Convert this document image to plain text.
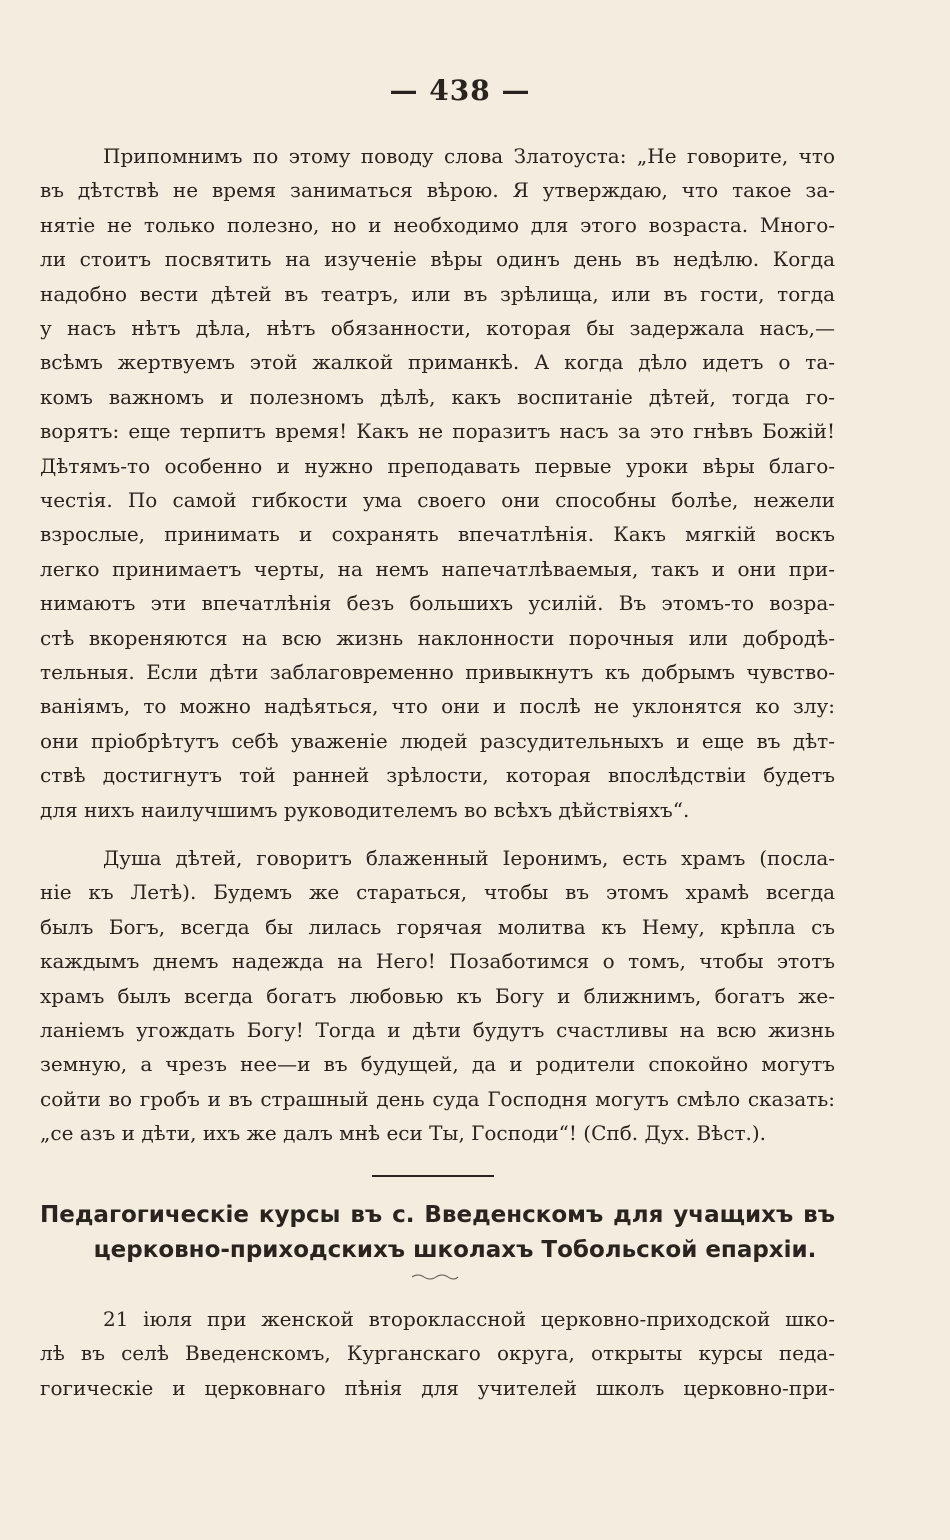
— 438 —
Припомнимъ по этому поводу слова Златоуста: „Не говорите, что
въ дѣтствѣ не время заниматься вѣрою. Я утверждаю, что такое за-
нятіе не только полезно, но и необходимо для этого возраста. Много-
ли стоитъ посвятить на изученіе вѣры одинъ день въ недѣлю. Когда
надобно вести дѣтей въ театръ, или въ зрѣлища, или въ гости, тогда
у насъ нѣтъ дѣла, нѣтъ обязанности, которая бы задержала насъ,—
всѣмъ жертвуемъ этой жалкой приманкѣ. А когда дѣло идетъ о та-
комъ важномъ и полезномъ дѣлѣ, какъ воспитаніе дѣтей, тогда го-
ворятъ: еще терпитъ время! Какъ не поразитъ насъ за это гнѣвъ Божій!
Дѣтямъ-то особенно и нужно преподавать первые уроки вѣры благо-
честія. По самой гибкости ума своего они способны болѣе, нежели
взрослые, принимать и сохранять впечатлѣнія. Какъ мягкій воскъ
легко принимаетъ черты, на немъ напечатлѣваемыя, такъ и они при-
нимаютъ эти впечатлѣнія безъ большихъ усилій. Въ этомъ-то возра-
стѣ вкореняются на всю жизнь наклонности порочныя или добродѣ-
тельныя. Если дѣти заблаговременно привыкнутъ къ добрымъ чувство-
ваніямъ, то можно надѣяться, что они и послѣ не уклонятся ко злу:
они пріобрѣтутъ себѣ уваженіе людей разсудительныхъ и еще въ дѣт-
ствѣ достигнутъ той ранней зрѣлости, которая впослѣдствіи будетъ
для нихъ наилучшимъ руководителемъ во всѣхъ дѣйствіяхъ“.
Душа дѣтей, говоритъ блаженный Іеронимъ, есть храмъ (посла-
ніе къ Летѣ). Будемъ же стараться, чтобы въ этомъ храмѣ всегда
былъ Богъ, всегда бы лилась горячая молитва къ Нему, крѣпла съ
каждымъ днемъ надежда на Него! Позаботимся о томъ, чтобы этотъ
храмъ былъ всегда богатъ любовью къ Богу и ближнимъ, богатъ же-
ланіемъ угождать Богу! Тогда и дѣти будутъ счастливы на всю жизнь
земную, а чрезъ нее—и въ будущей, да и родители спокойно могутъ
сойти во гробъ и въ страшный день суда Господня могутъ смѣло сказать:
„се азъ и дѣти, ихъ же далъ мнѣ еси Ты, Господи“! (Спб. Дух. Вѣст.).
Педагогическіе курсы въ с. Введенскомъ для учащихъ въ
церковно-приходскихъ школахъ Тобольской епархіи.
21 іюля при женской второклассной церковно-приходской шко-
лѣ въ селѣ Введенскомъ, Курганскаго округа, открыты курсы педа-
гогическіе и церковнаго пѣнія для учителей школъ церковно-при-
